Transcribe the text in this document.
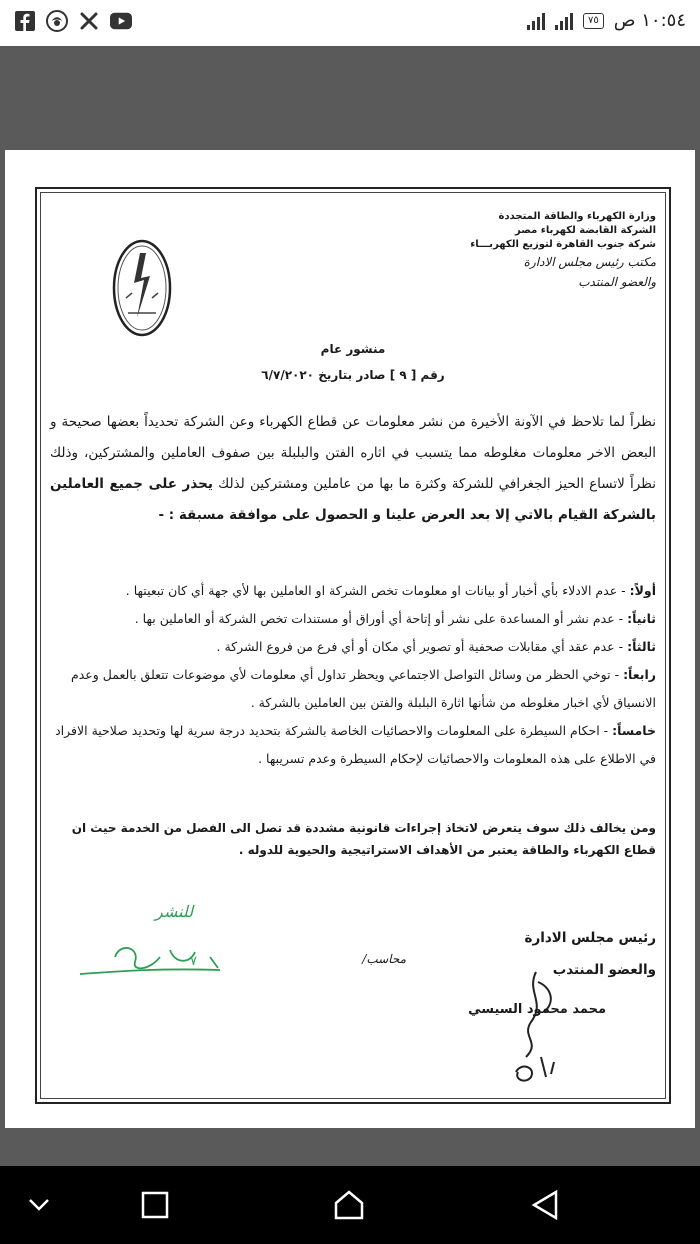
٧٥ ١٠:٥٤ ص
وزارة الكهرباء والطاقة المتجددة
الشركة القابضة لكهرباء مصر
شركة جنوب القاهرة لتوزيع الكهربـــاء
مكتب رئيس مجلس الادارة
والعضو المنتدب
منشور عام
رقم [ ٩ ] صادر بتاريخ ٦/٧/٢٠٢٠
نظراً لما تلاحظ في الآونة الأخيرة من نشر معلومات عن قطاع الكهرباء وعن الشركة تحديداً بعضها صحيحة و البعض الاخر معلومات مغلوطه مما يتسبب في اثاره الفتن والبلبلة بين صفوف العاملين والمشتركين، وذلك نظراً لاتساع الحيز الجغرافي للشركة وكثرة ما بها من عاملين ومشتركين لذلك يحذر على جميع العاملين بالشركة القيام بالاتي إلا بعد العرض علينا و الحصول على موافقة مسبقة : -
أولاً: - عدم الادلاء بأي أخبار أو بيانات او معلومات تخص الشركة او العاملين بها لأي جهة أي كان تبعيتها .
ثانياً: - عدم نشر أو المساعدة على نشر أو إتاحة أي أوراق أو مستندات تخص الشركة أو العاملين بها .
ثالثاً: - عدم عقد أي مقابلات صحفية أو تصوير أي مكان أو أي فرع من فروع الشركة .
رابعاً: - توخي الحظر من وسائل التواصل الاجتماعي ويحظر تداول أي معلومات لأي موضوعات تتعلق بالعمل وعدم الانسياق لأي اخبار مغلوطه من شأنها اثارة البلبلة والفتن بين العاملين بالشركة .
خامساً: - احكام السيطرة على المعلومات والاحصائيات الخاصة بالشركة بتحديد درجة سرية لها وتحديد صلاحية الافراد في الاطلاع على هذه المعلومات والاحصائيات لإحكام السيطرة وعدم تسريبها .
ومن يخالف ذلك سوف يتعرض لاتخاذ إجراءات قانونية مشددة قد تصل الى الفصل من الخدمة حيث ان قطاع الكهرباء والطاقة يعتبر من الأهداف الاستراتيجية والحيوية للدوله .
رئيس مجلس الادارة
والعضو المنتدب
محاسب/
محمد محمود السيسي
للنشر
٧
